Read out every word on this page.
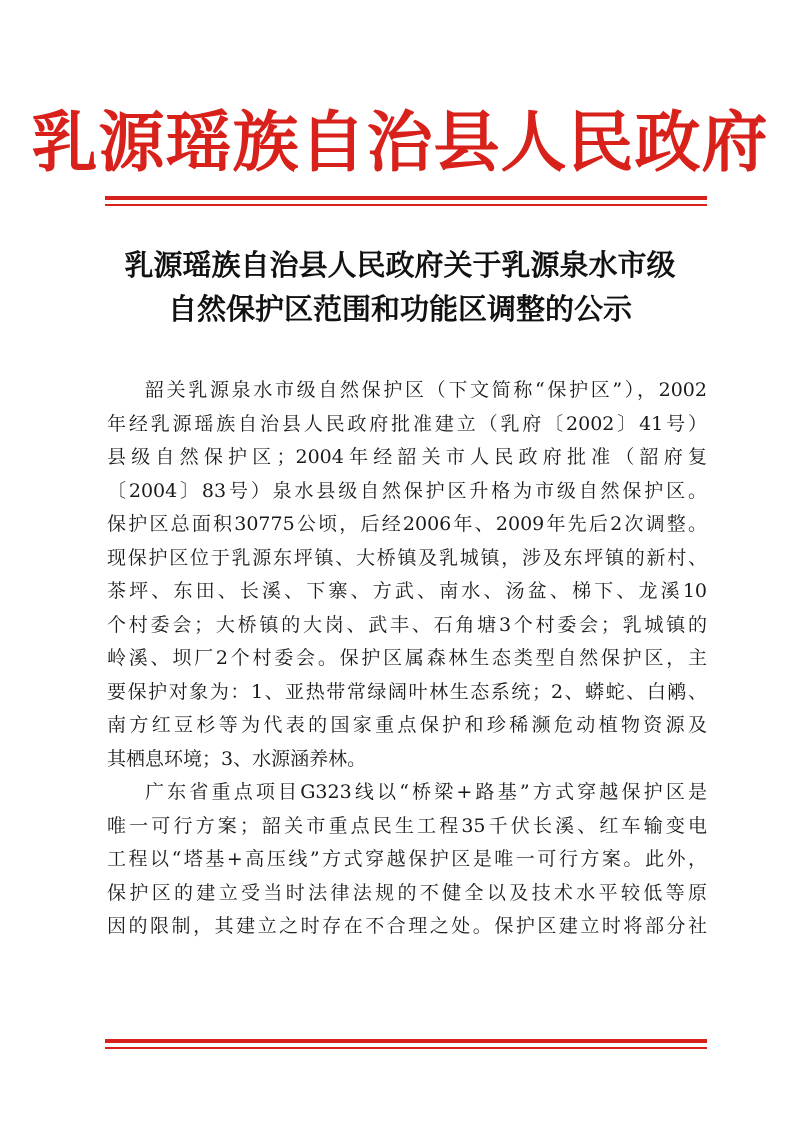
乳源瑶族自治县人民政府
乳源瑶族自治县人民政府关于乳源泉水市级
自然保护区范围和功能区调整的公示
韶关乳源泉水市级自然保护区（下文简称“保护区”），2002
年经乳源瑶族自治县人民政府批准建立（乳府〔2002〕41号）
县级自然保护区；2004年经韶关市人民政府批准（韶府复
〔2004〕83号）泉水县级自然保护区升格为市级自然保护区。
保护区总面积30775公顷，后经2006年、2009年先后2次调整。
现保护区位于乳源东坪镇、大桥镇及乳城镇，涉及东坪镇的新村、
茶坪、东田、长溪、下寨、方武、南水、汤盆、梯下、龙溪10
个村委会；大桥镇的大岗、武丰、石角塘3个村委会；乳城镇的
岭溪、坝厂2个村委会。保护区属森林生态类型自然保护区，主
要保护对象为：1、亚热带常绿阔叶林生态系统；2、蟒蛇、白鹇、
南方红豆杉等为代表的国家重点保护和珍稀濒危动植物资源及
其栖息环境；3、水源涵养林。
广东省重点项目G323线以“桥梁+路基”方式穿越保护区是
唯一可行方案；韶关市重点民生工程35千伏长溪、红车输变电
工程以“塔基+高压线”方式穿越保护区是唯一可行方案。此外，
保护区的建立受当时法律法规的不健全以及技术水平较低等原
因的限制，其建立之时存在不合理之处。保护区建立时将部分社
